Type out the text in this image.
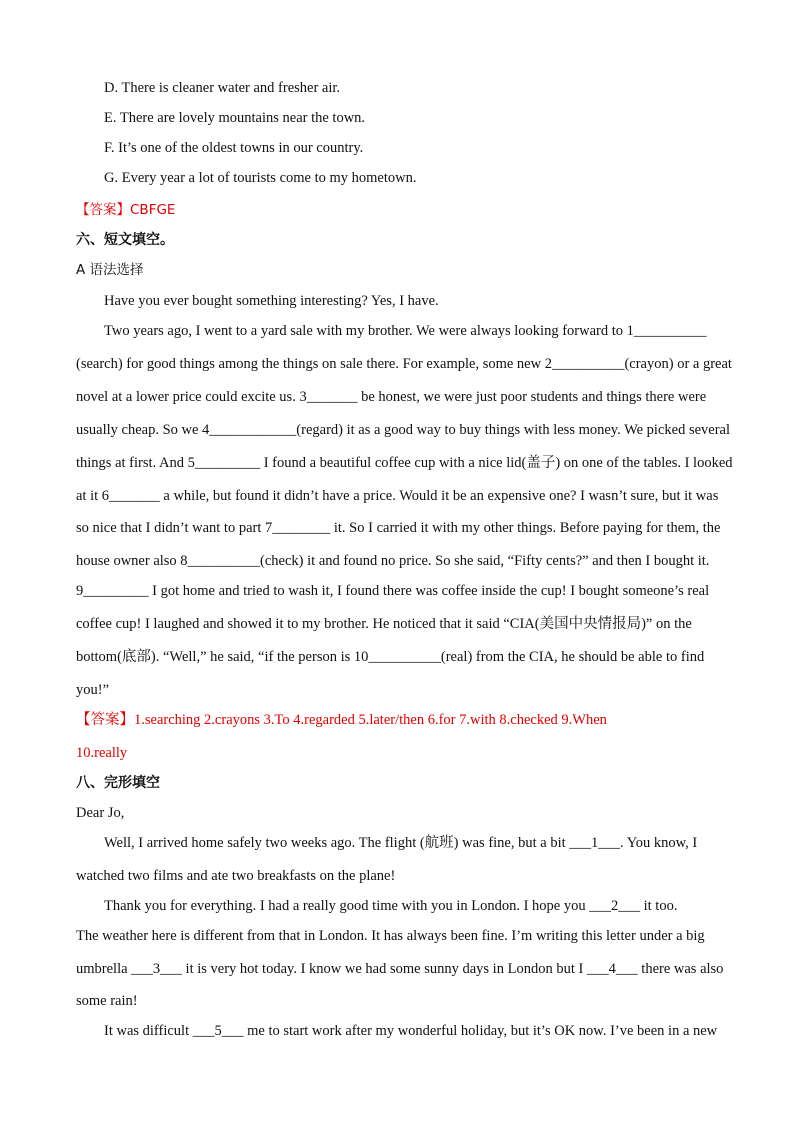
D. There is cleaner water and fresher air.
E. There are lovely mountains near the town.
F. It’s one of the oldest towns in our country.
G. Every year a lot of tourists come to my hometown.
【答案】CBFGE
六、短文填空。
A 语法选择
Have you ever bought something interesting? Yes, I have.
Two years ago, I went to a yard sale with my brother. We were always looking forward to 1__________
(search) for good things among the things on sale there. For example, some new 2__________(crayon) or a great
novel at a lower price could excite us. 3_______ be honest, we were just poor students and things there were
usually cheap. So we 4____________(regard) it as a good way to buy things with less money. We picked several
things at first. And 5_________ I found a beautiful coffee cup with a nice lid(盖子) on one of the tables. I looked
at it 6_______ a while, but found it didn’t have a price. Would it be an expensive one? I wasn’t sure, but it was
so nice that I didn’t want to part 7________ it. So I carried it with my other things. Before paying for them, the
house owner also 8__________(check) it and found no price. So she said, “Fifty cents?” and then I bought it.
9_________ I got home and tried to wash it, I found there was coffee inside the cup! I bought someone’s real
coffee cup! I laughed and showed it to my brother. He noticed that it said “CIA(美国中央情报局)” on the
bottom(底部). “Well,” he said, “if the person is 10__________(real) from the CIA, he should be able to find
you!”
【答案】1.searching 2.crayons 3.To 4.regarded 5.later/then 6.for 7.with 8.checked 9.When
10.really
八、完形填空
Dear Jo,
Well, I arrived home safely two weeks ago. The flight (航班) was fine, but a bit ___1___. You know, I
watched two films and ate two breakfasts on the plane!
Thank you for everything. I had a really good time with you in London. I hope you ___2___ it too.
The weather here is different from that in London. It has always been fine. I’m writing this letter under a big
umbrella ___3___ it is very hot today. I know we had some sunny days in London but I ___4___ there was also
some rain!
It was difficult ___5___ me to start work after my wonderful holiday, but it’s OK now. I’ve been in a new
